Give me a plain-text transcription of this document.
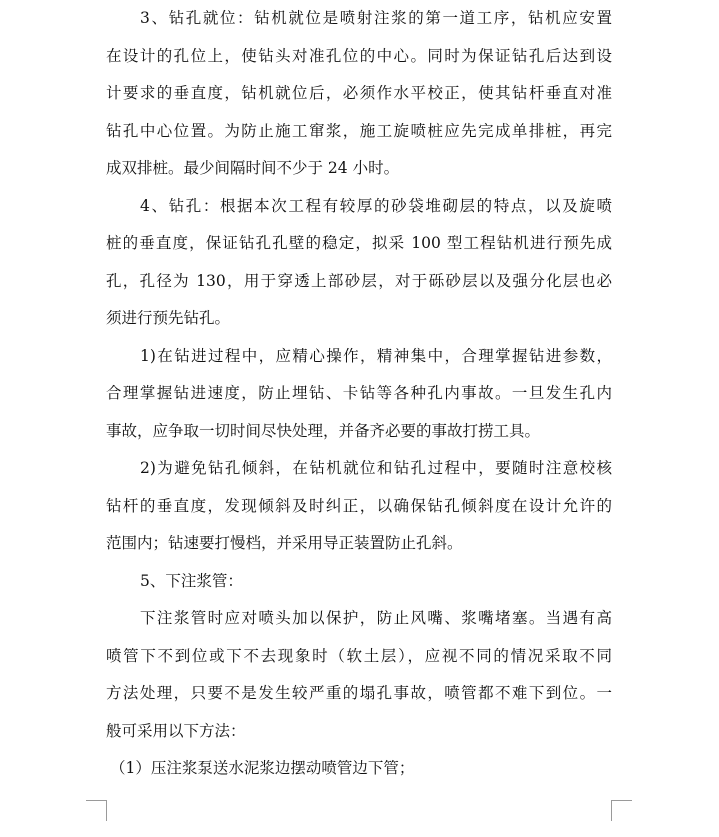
3、钻孔就位：钻机就位是喷射注浆的第一道工序，钻机应安置
在设计的孔位上，使钻头对准孔位的中心。同时为保证钻孔后达到设
计要求的垂直度，钻机就位后，必须作水平校正，使其钻杆垂直对准
钻孔中心位置。为防止施工窜浆，施工旋喷桩应先完成单排桩，再完
成双排桩。最少间隔时间不少于 24 小时。
4、钻孔：根据本次工程有较厚的砂袋堆砌层的特点，以及旋喷
桩的垂直度，保证钻孔孔壁的稳定，拟采 100 型工程钻机进行预先成
孔，孔径为 130，用于穿透上部砂层，对于砾砂层以及强分化层也必
须进行预先钻孔。
1)在钻进过程中，应精心操作，精神集中，合理掌握钻进参数，
合理掌握钻进速度，防止埋钻、卡钻等各种孔内事故。一旦发生孔内
事故，应争取一切时间尽快处理，并备齐必要的事故打捞工具。
2)为避免钻孔倾斜，在钻机就位和钻孔过程中，要随时注意校核
钻杆的垂直度，发现倾斜及时纠正，以确保钻孔倾斜度在设计允许的
范围内；钻速要打慢档，并采用导正装置防止孔斜。
5、下注浆管：
下注浆管时应对喷头加以保护，防止风嘴、浆嘴堵塞。当遇有高
喷管下不到位或下不去现象时（软土层），应视不同的情况采取不同
方法处理，只要不是发生较严重的塌孔事故，喷管都不难下到位。一
般可采用以下方法：
（1）压注浆泵送水泥浆边摆动喷管边下管；
